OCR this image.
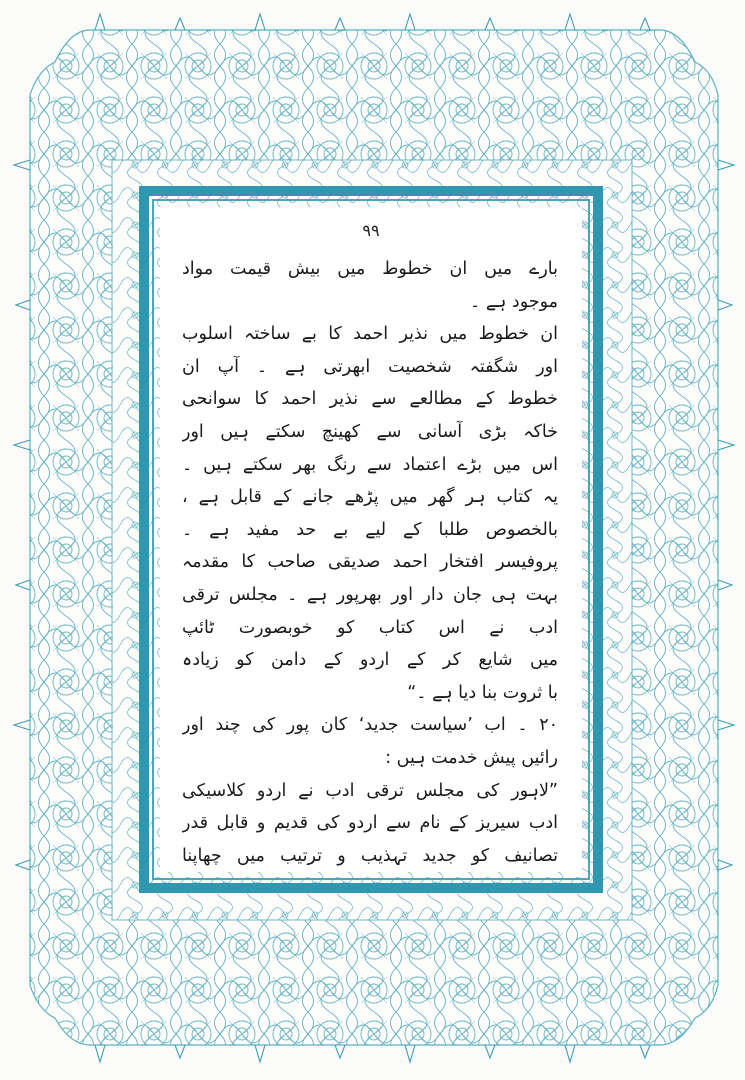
۹۹
بارے میں ان خطوط میں بیش قیمت مواد
موجود ہے ۔
ان خطوط میں نذیر احمد کا بے ساختہ اسلوب
اور شگفتہ شخصیت ابھرتی ہے ۔ آپ ان
خطوط کے مطالعے سے نذیر احمد کا سوانحی
خاکہ بڑی آسانی سے کھینچ سکتے ہیں اور
اس میں بڑے اعتماد سے رنگ بھر سکتے ہیں ۔
یہ کتاب ہر گھر میں پڑھے جانے کے قابل ہے ،
بالخصوص طلبا کے لیے بے حد مفید ہے ۔
پروفیسر افتخار احمد صدیقی صاحب کا مقدمہ
بہت ہی جان دار اور بھرپور ہے ۔ مجلس ترقی
ادب نے اس کتاب کو خوبصورت ٹائپ
میں شایع کر کے اردو کے دامن کو زیادہ
با ثروت بنا دیا ہے ۔“
۲۰ ۔ اب ’سیاست جدید‘ کان پور کی چند اور
رائیں پیش خدمت ہیں :
”لاہور کی مجلس ترقی ادب نے اردو کلاسیکی
ادب سیریز کے نام سے اردو کی قدیم و قابل قدر
تصانیف کو جدید تہذیب و ترتیب میں چھاپنا
